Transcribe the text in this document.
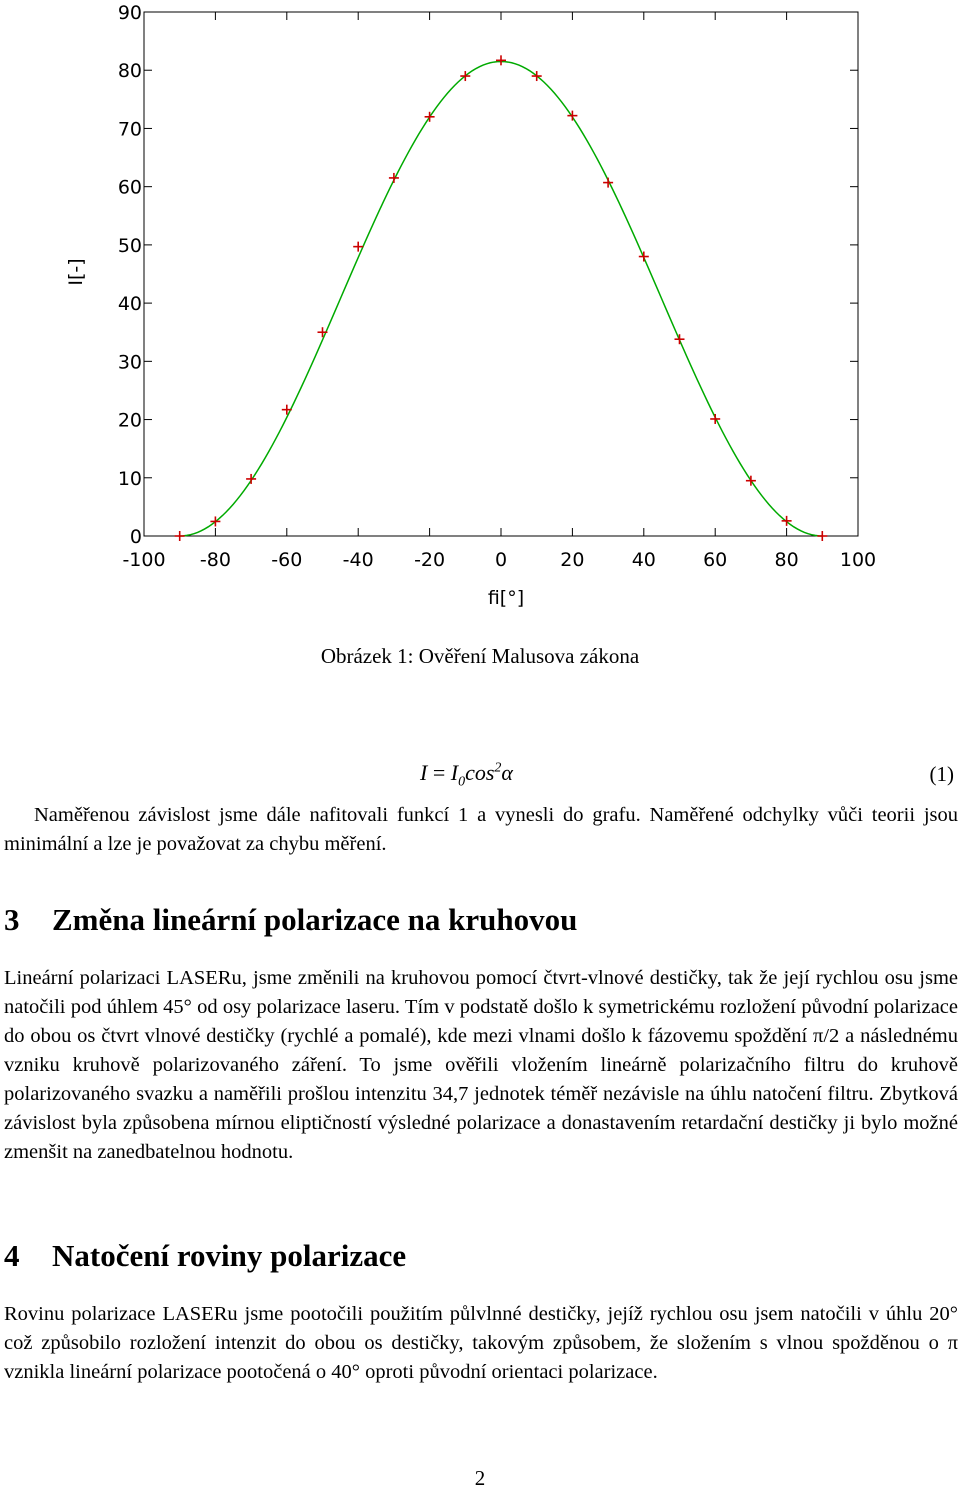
0
10
20
30
40
50
60
70
80
90
-100 -80 -60 -40 -20	0	20 40 60 80 100
I[-]
fi[°]
Obrázek 1: Ověření Malusova zákona
$I = I_0\cos^2\alpha$	(1)

Naměřenou závislost jsme dále nafitovali funkcí 1 a vynesli do grafu. Naměřené odchylky vůči teorii jsou minimální a lze je považovat za chybu měření.

3 Změna lineární polarizace na kruhovou

Lineární polarizaci LASERu, jsme změnili na kruhovou pomocí čtvrt-vlnové destičky, tak že její rychlou osu jsme natočili pod úhlem 45° od osy polarizace laseru. Tím v podstatě došlo k symetrickému rozložení původní polarizace do obou os čtvrt vlnové destičky (rychlé a pomalé), kde mezi vlnami došlo k fázovemu spoždění π/2 a následnému vzniku kruhově polarizovaného záření. To jsme ověřili vložením lineárně polarizačního filtru do kruhově polarizovaného svazku a naměřili prošlou intenzitu 34,7 jednotek téměř nezávisle na úhlu natočení filtru. Zbytková závislost byla způsobena mírnou eliptičností výsledné polarizace a donastavením retardační destičky ji bylo možné zmenšit na zanedbatelnou hodnotu.

4 Natočení roviny polarizace

Rovinu polarizace LASERu jsme pootočili použitím půlvlnné destičky, jejíž rychlou osu jsem natočili v úhlu 20° což způsobilo rozložení intenzit do obou os destičky, takovým způsobem, že složením s vlnou spožděnou o π vznikla lineární polarizace pootočená o 40° oproti původní orientaci polarizace.

2
